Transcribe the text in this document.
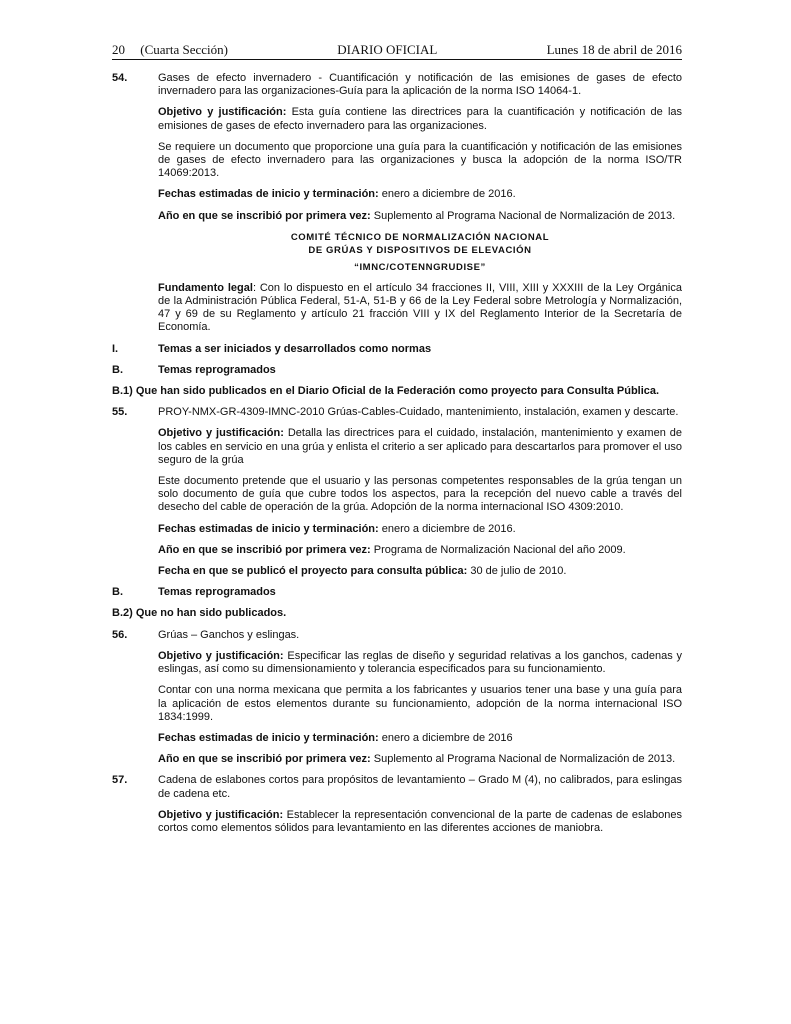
20 (Cuarta Sección)	DIARIO OFICIAL	Lunes 18 de abril de 2016
54.	Gases de efecto invernadero - Cuantificación y notificación de las emisiones de gases de efecto invernadero para las organizaciones-Guía para la aplicación de la norma ISO 14064-1.
Objetivo y justificación: Esta guía contiene las directrices para la cuantificación y notificación de las emisiones de gases de efecto invernadero para las organizaciones.
Se requiere un documento que proporcione una guía para la cuantificación y notificación de las emisiones de gases de efecto invernadero para las organizaciones y busca la adopción de la norma ISO/TR 14069:2013.
Fechas estimadas de inicio y terminación: enero a diciembre de 2016.
Año en que se inscribió por primera vez: Suplemento al Programa Nacional de Normalización de 2013.
COMITÉ TÉCNICO DE NORMALIZACIÓN NACIONAL
DE GRÚAS Y DISPOSITIVOS DE ELEVACIÓN
“IMNC/COTENNGRUDISE”
Fundamento legal: Con lo dispuesto en el artículo 34 fracciones II, VIII, XIII y XXXIII de la Ley Orgánica de la Administración Pública Federal, 51-A, 51-B y 66 de la Ley Federal sobre Metrología y Normalización, 47 y 69 de su Reglamento y artículo 21 fracción VIII y IX del Reglamento Interior de la Secretaría de Economía.
I.	Temas a ser iniciados y desarrollados como normas
B.	Temas reprogramados
B.1) Que han sido publicados en el Diario Oficial de la Federación como proyecto para Consulta Pública.
55.	PROY-NMX-GR-4309-IMNC-2010 Grúas-Cables-Cuidado, mantenimiento, instalación, examen y descarte.
Objetivo y justificación: Detalla las directrices para el cuidado, instalación, mantenimiento y examen de los cables en servicio en una grúa y enlista el criterio a ser aplicado para descartarlos para promover el uso seguro de la grúa
Este documento pretende que el usuario y las personas competentes responsables de la grúa tengan un solo documento de guía que cubre todos los aspectos, para la recepción del nuevo cable a través del desecho del cable de operación de la grúa. Adopción de la norma internacional ISO 4309:2010.
Fechas estimadas de inicio y terminación: enero a diciembre de 2016.
Año en que se inscribió por primera vez: Programa de Normalización Nacional del año 2009.
Fecha en que se publicó el proyecto para consulta pública: 30 de julio de 2010.
B.	Temas reprogramados
B.2) Que no han sido publicados.
56.	Grúas – Ganchos y eslingas.
Objetivo y justificación: Especificar las reglas de diseño y seguridad relativas a los ganchos, cadenas y eslingas, así como su dimensionamiento y tolerancia especificados para su funcionamiento.
Contar con una norma mexicana que permita a los fabricantes y usuarios tener una base y una guía para la aplicación de estos elementos durante su funcionamiento, adopción de la norma internacional ISO 1834:1999.
Fechas estimadas de inicio y terminación: enero a diciembre de 2016
Año en que se inscribió por primera vez: Suplemento al Programa Nacional de Normalización de 2013.
57.	Cadena de eslabones cortos para propósitos de levantamiento – Grado M (4), no calibrados, para eslingas de cadena etc.
Objetivo y justificación: Establecer la representación convencional de la parte de cadenas de eslabones cortos como elementos sólidos para levantamiento en las diferentes acciones de maniobra.
